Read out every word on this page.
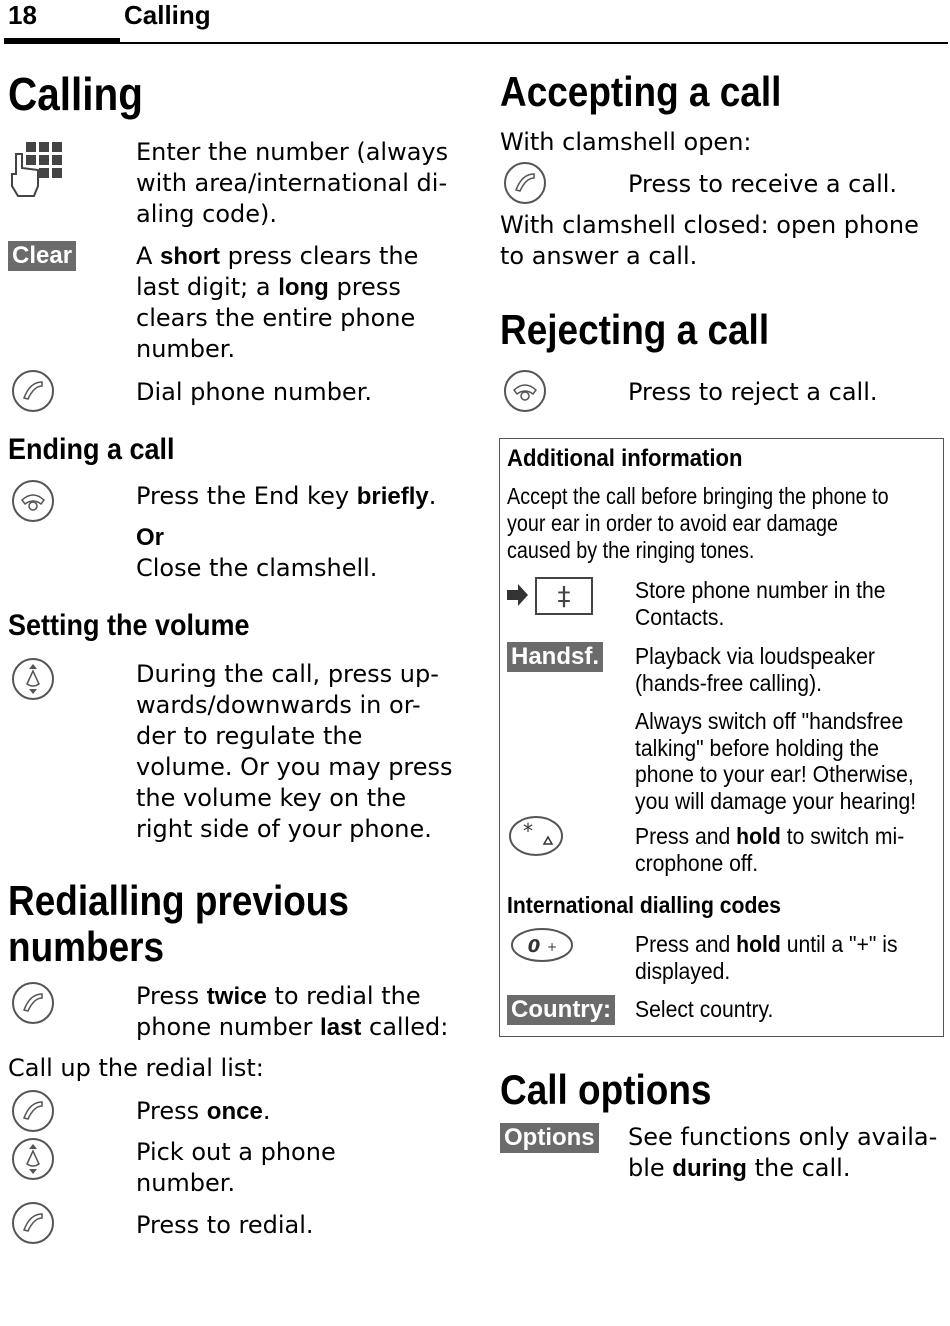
18	Calling
Calling
Enter the number (always
with area/international di-
aling code).
Clear	A short press clears the
last digit; a long press
clears the entire phone
number.
Dial phone number.
Ending a call
Press the End key briefly.
Or
Close the clamshell.
Setting the volume
During the call, press up-
wards/downwards in or-
der to regulate the
volume. Or you may press
the volume key on the
right side of your phone.
Redialling previous
numbers
Press twice to redial the
phone number last called:
Call up the redial list:
Press once.
Pick out a phone
number.
Press to redial.
Accepting a call
With clamshell open:
Press to receive a call.
With clamshell closed: open phone
to answer a call.
Rejecting a call
Press to reject a call.
Additional information
Accept the call before bringing the phone to
your ear in order to avoid ear damage
caused by the ringing tones.
‡	Store phone number in the
Contacts.
Handsf. Playback via loudspeaker
(hands-free calling).
Always switch off "handsfree
talking" before holding the
phone to your ear! Otherwise,
you will damage your hearing!
*	Press and hold to switch mi-
crophone off.
International dialling codes
0 +	Press and hold until a "+" is
displayed.
Country: Select country.
Call options
Options See functions only availa-
ble during the call.
